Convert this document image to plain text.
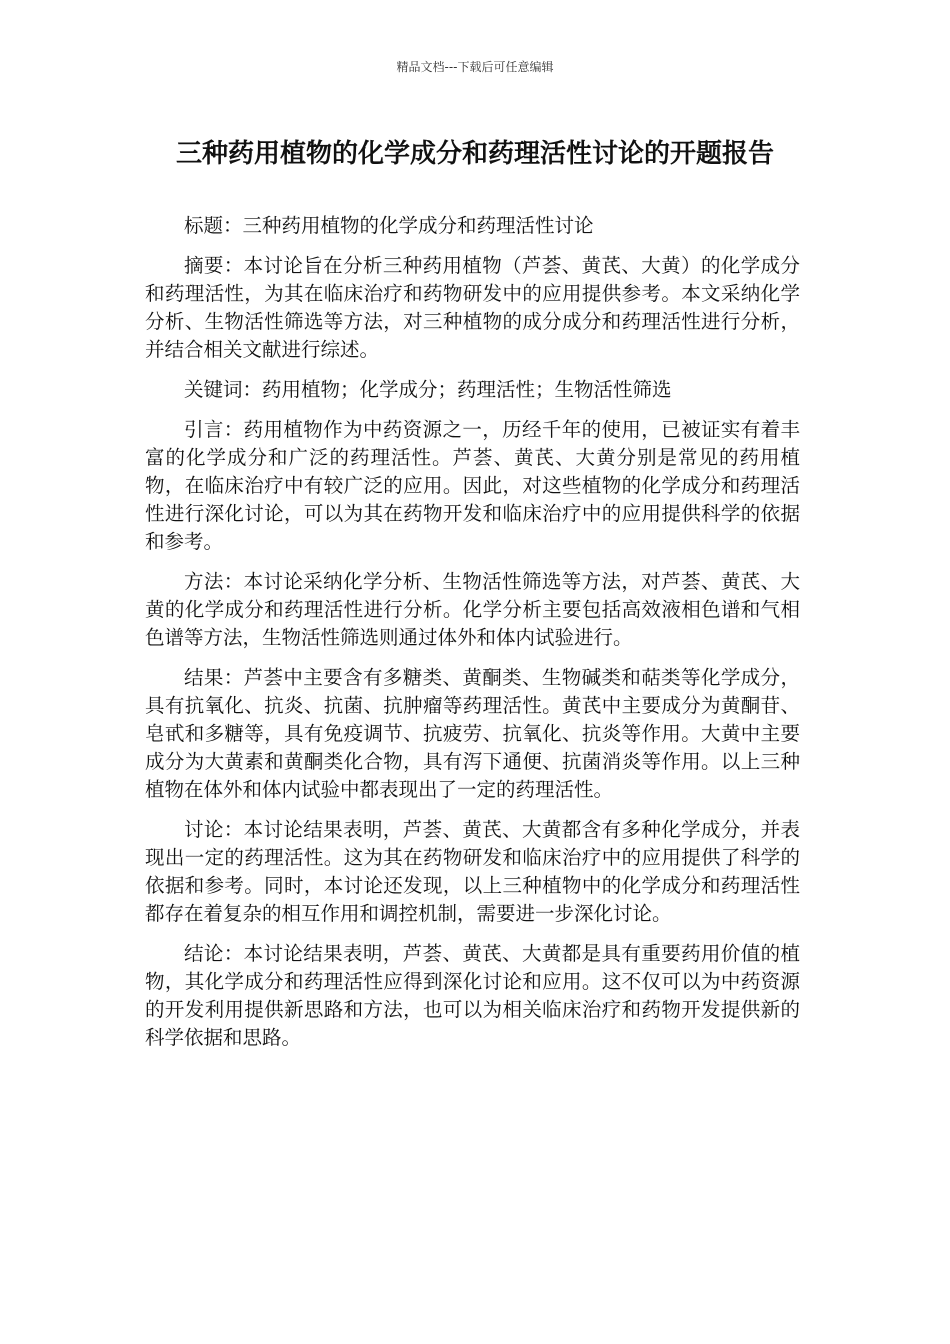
精品文档---下载后可任意编辑
三种药用植物的化学成分和药理活性讨论的开题报告

标题：三种药用植物的化学成分和药理活性讨论

摘要：本讨论旨在分析三种药用植物（芦荟、黄芪、大黄）的化学成分和药理活性，为其在临床治疗和药物研发中的应用提供参考。本文采纳化学分析、生物活性筛选等方法，对三种植物的成分成分和药理活性进行分析，并结合相关文献进行综述。

关键词：药用植物；化学成分；药理活性；生物活性筛选

引言：药用植物作为中药资源之一，历经千年的使用，已被证实有着丰富的化学成分和广泛的药理活性。芦荟、黄芪、大黄分别是常见的药用植物，在临床治疗中有较广泛的应用。因此，对这些植物的化学成分和药理活性进行深化讨论，可以为其在药物开发和临床治疗中的应用提供科学的依据和参考。

方法：本讨论采纳化学分析、生物活性筛选等方法，对芦荟、黄芪、大黄的化学成分和药理活性进行分析。化学分析主要包括高效液相色谱和气相色谱等方法，生物活性筛选则通过体外和体内试验进行。

结果：芦荟中主要含有多糖类、黄酮类、生物碱类和萜类等化学成分，具有抗氧化、抗炎、抗菌、抗肿瘤等药理活性。黄芪中主要成分为黄酮苷、皂甙和多糖等，具有免疫调节、抗疲劳、抗氧化、抗炎等作用。大黄中主要成分为大黄素和黄酮类化合物，具有泻下通便、抗菌消炎等作用。以上三种植物在体外和体内试验中都表现出了一定的药理活性。

讨论：本讨论结果表明，芦荟、黄芪、大黄都含有多种化学成分，并表现出一定的药理活性。这为其在药物研发和临床治疗中的应用提供了科学的依据和参考。同时，本讨论还发现，以上三种植物中的化学成分和药理活性都存在着复杂的相互作用和调控机制，需要进一步深化讨论。

结论：本讨论结果表明，芦荟、黄芪、大黄都是具有重要药用价值的植物，其化学成分和药理活性应得到深化讨论和应用。这不仅可以为中药资源的开发利用提供新思路和方法，也可以为相关临床治疗和药物开发提供新的科学依据和思路。
